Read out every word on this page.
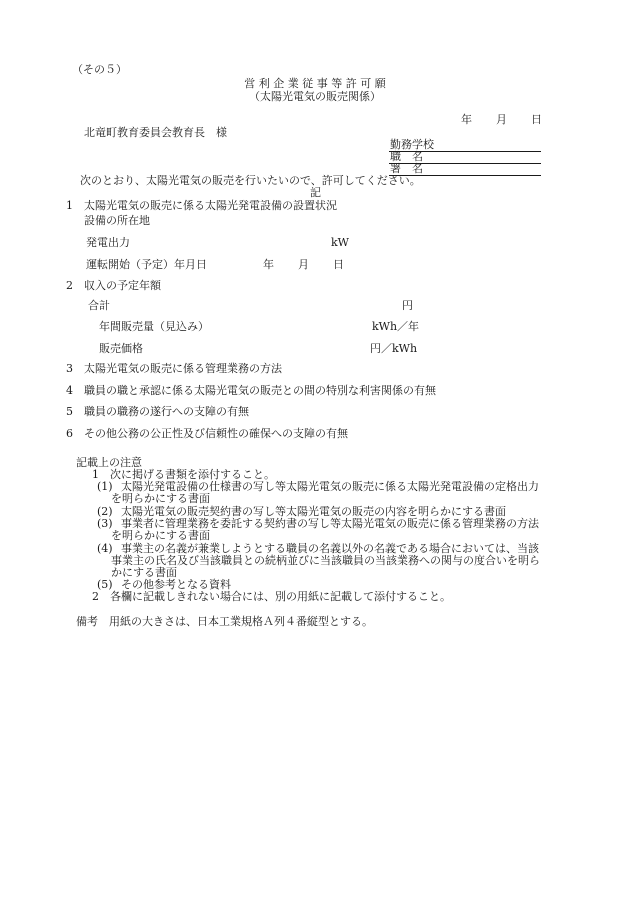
（その５）
営 利 企 業 従 事 等 許 可 願
（太陽光電気の販売関係）
年 月 日
北竜町教育委員会教育長　様
勤務学校
職　名
署　名
次のとおり、太陽光電気の販売を行いたいので、許可してください。
記
1　太陽光電気の販売に係る太陽光発電設備の設置状況
設備の所在地
発電出力	kW
運転開始（予定）年月日	年 月 日
2　収入の予定年額
合計	円
年間販売量（見込み）	kWh／年
販売価格	円／kWh
3　太陽光電気の販売に係る管理業務の方法
4　職員の職と承認に係る太陽光電気の販売との間の特別な利害関係の有無
5　職員の職務の遂行への支障の有無
6　その他公務の公正性及び信頼性の確保への支障の有無
記載上の注意
1　次に掲げる書類を添付すること。
(1) 太陽光発電設備の仕様書の写し等太陽光電気の販売に係る太陽光発電設備の定格出力
を明らかにする書面
(2) 太陽光電気の販売契約書の写し等太陽光電気の販売の内容を明らかにする書面
(3) 事業者に管理業務を委託する契約書の写し等太陽光電気の販売に係る管理業務の方法
を明らかにする書面
(4) 事業主の名義が兼業しようとする職員の名義以外の名義である場合においては、当該
事業主の氏名及び当該職員との続柄並びに当該職員の当該業務への関与の度合いを明ら
かにする書面
(5) その他参考となる資料
2　各欄に記載しきれない場合には、別の用紙に記載して添付すること。
備考　用紙の大きさは、日本工業規格Ａ列４番縦型とする。
